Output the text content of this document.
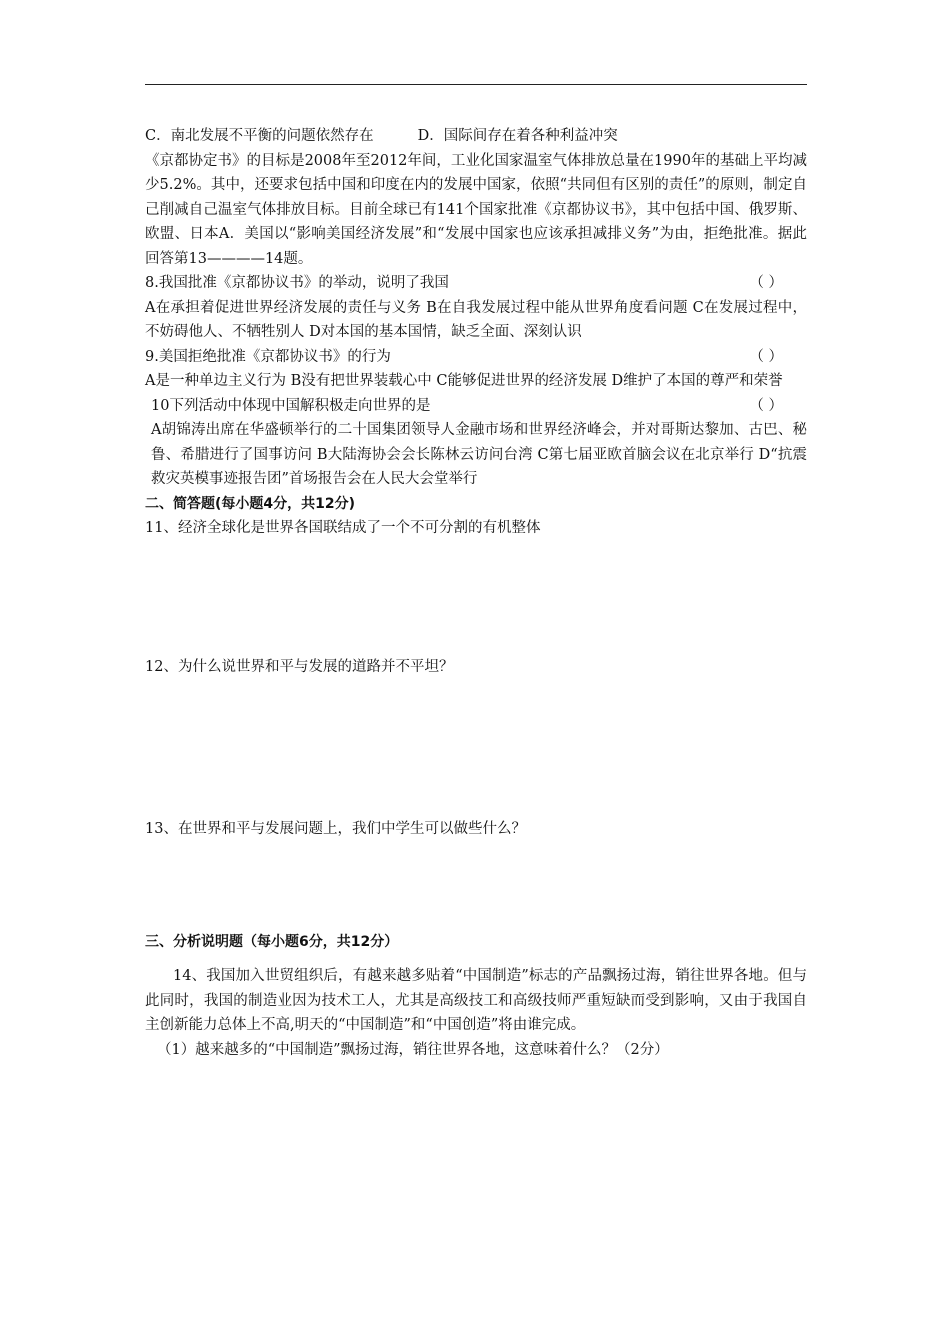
C．南北发展不平衡的问题依然存在	D．国际间存在着各种利益冲突
《京都协定书》的目标是2008年至2012年间，工业化国家温室气体排放总量在1990年的基础上平均减少5.2%。其中，还要求包括中国和印度在内的发展中国家，依照“共同但有区别的责任”的原则，制定自己削减自己温室气体排放目标。目前全球已有141个国家批准《京都协议书》，其中包括中国、俄罗斯、欧盟、日本A．美国以“影响美国经济发展”和“发展中国家也应该承担减排义务”为由，拒绝批准。据此回答第13————14题。
8.我国批准《京都协议书》的举动，说明了我国	（ ）
A在承担着促进世界经济发展的责任与义务 B在自我发展过程中能从世界角度看问题 C在发展过程中，不妨碍他人、不牺牲别人 D对本国的基本国情，缺乏全面、深刻认识
9.美国拒绝批准《京都协议书》的行为	（ ）
A是一种单边主义行为 B没有把世界装载心中 C能够促进世界的经济发展 D维护了本国的尊严和荣誉
10下列活动中体现中国解积极走向世界的是	（ ）
A胡锦涛出席在华盛顿举行的二十国集团领导人金融市场和世界经济峰会，并对哥斯达黎加、古巴、秘鲁、希腊进行了国事访问 B大陆海协会会长陈林云访问台湾 C第七届亚欧首脑会议在北京举行 D“抗震救灾英模事迹报告团”首场报告会在人民大会堂举行
二、简答题(每小题4分，共12分)
11、经济全球化是世界各国联结成了一个不可分割的有机整体
12、为什么说世界和平与发展的道路并不平坦？
13、在世界和平与发展问题上，我们中学生可以做些什么？
三、分析说明题（每小题6分，共12分）
14、我国加入世贸组织后，有越来越多贴着“中国制造”标志的产品飘扬过海，销往世界各地。但与此同时，我国的制造业因为技术工人，尤其是高级技工和高级技师严重短缺而受到影响，又由于我国自主创新能力总体上不高,明天的“中国制造”和“中国创造”将由谁完成。
（1）越来越多的“中国制造”飘扬过海，销往世界各地，这意味着什么？（2分）
